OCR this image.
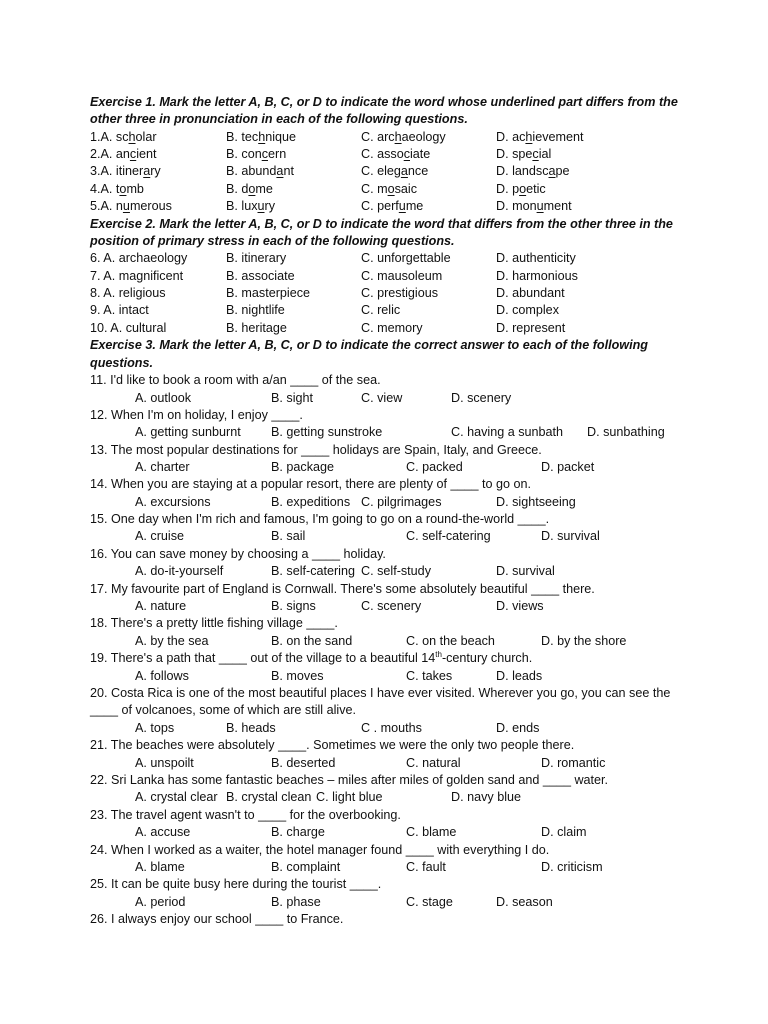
Exercise 1. Mark the letter A, B, C, or D to indicate the word whose underlined part differs from the
other three in pronunciation in each of the following questions.
1.A. scholar	B. technique	C. archaeology	D. achievement
2.A. ancient	B. concern	C. associate	D. special
3.A. itinerary	B. abundant	C. elegance	D. landscape
4.A. tomb	B. dome	C. mosaic	D. poetic
5.A. numerous	B. luxury	C. perfume	D. monument
Exercise 2. Mark the letter A, B, C, or D to indicate the word that differs from the other three in the
position of primary stress in each of the following questions.
6. A. archaeology	B. itinerary	C. unforgettable	D. authenticity
7. A. magnificent	B. associate	C. mausoleum	D. harmonious
8. A. religious	B. masterpiece	C. prestigious	D. abundant
9. A. intact	B. nightlife	C. relic	D. complex
10. A. cultural	B. heritage	C. memory	D. represent
Exercise 3. Mark the letter A, B, C, or D to indicate the correct answer to each of the following
questions.
11. I'd like to book a room with a/an ____ of the sea.
A. outlook	B. sight	C. view	D. scenery
12. When I'm on holiday, I enjoy ____.
A. getting sunburnt B. getting sunstroke	C. having a sunbath D. sunbathing
13. The most popular destinations for ____ holidays are Spain, Italy, and Greece.
A. charter	B. package	C. packed	D. packet
14. When you are staying at a popular resort, there are plenty of ____ to go on.
A. excursions	B. expeditions C. pilgrimages	D. sightseeing
15. One day when I'm rich and famous, I'm going to go on a round-the-world ____.
A. cruise	B. sail	C. self-catering	D. survival
16. You can save money by choosing a ____ holiday.
A. do-it-yourself	B. self-catering C. self-study	D. survival
17. My favourite part of England is Cornwall. There's some absolutely beautiful ____ there.
A. nature	B. signs	C. scenery	D. views
18. There's a pretty little fishing village ____.
A. by the sea	B. on the sand	C. on the beach	D. by the shore
19. There's a path that ____ out of the village to a beautiful 14th-century church.
A. follows	B. moves	C. takes	D. leads
20. Costa Rica is one of the most beautiful places I have ever visited. Wherever you go, you can see the
____ of volcanoes, some of which are still alive.
A. tops	B. heads	C . mouths	D. ends
21. The beaches were absolutely ____. Sometimes we were the only two people there.
A. unspoilt	B. deserted	C. natural	D. romantic
22. Sri Lanka has some fantastic beaches – miles after miles of golden sand and ____ water.
A. crystal clear B. crystal clean C. light blue	D. navy blue
23. The travel agent wasn't to ____ for the overbooking.
A. accuse	B. charge	C. blame	D. claim
24. When I worked as a waiter, the hotel manager found ____ with everything I do.
A. blame	B. complaint	C. fault	D. criticism
25. It can be quite busy here during the tourist ____.
A. period	B. phase	C. stage	D. season
26. I always enjoy our school ____ to France.
